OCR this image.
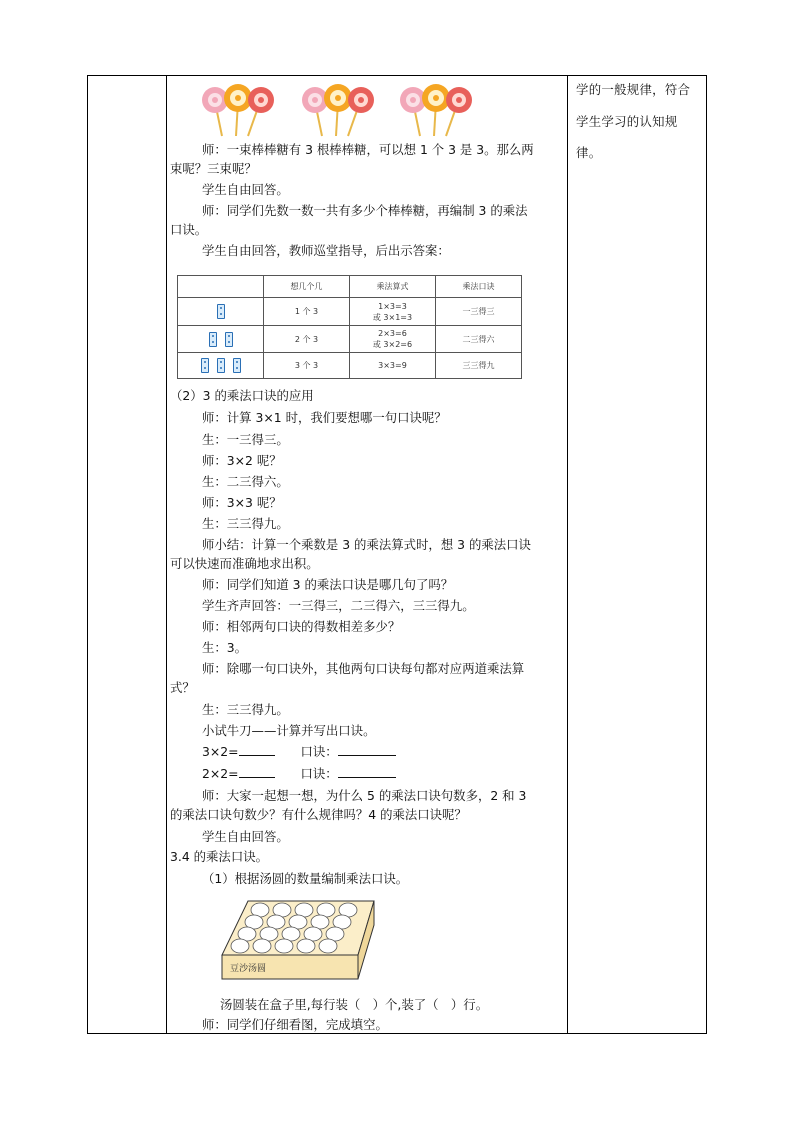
师：一束棒棒糖有 3 根棒棒糖，可以想 1 个 3 是 3。那么两
束呢？三束呢？
学生自由回答。
师：同学们先数一数一共有多少个棒棒糖，再编制 3 的乘法
口诀。
学生自由回答，教师巡堂指导，后出示答案：
	想几个几	乘法算式	乘法口诀
	1 个 3	1×3=3
或 3×1=3	一三得三
	2 个 3	2×3=6
或 3×2=6	二三得六
	3 个 3	3×3=9	三三得九
（2）3 的乘法口诀的应用
师：计算 3×1 时，我们要想哪一句口诀呢？
生：一三得三。
师：3×2 呢？
生：二三得六。
师：3×3 呢？
生：三三得九。
师小结：计算一个乘数是 3 的乘法算式时，想 3 的乘法口诀
可以快速而准确地求出积。
师：同学们知道 3 的乘法口诀是哪几句了吗？
学生齐声回答：一三得三，二三得六，三三得九。
师：相邻两句口诀的得数相差多少？
生：3。
师：除哪一句口诀外，其他两句口诀每句都对应两道乘法算
式？
生：三三得九。
小试牛刀——计算并写出口诀。
3×2=	口诀：
2×2=	口诀：
师：大家一起想一想，为什么 5 的乘法口诀句数多，2 和 3
的乘法口诀句数少？有什么规律吗？4 的乘法口诀呢？
学生自由回答。
3.4 的乘法口诀。
（1）根据汤圆的数量编制乘法口诀。
豆沙汤圆
汤圆装在盒子里,每行装（　）个,装了（　）行。
师：同学们仔细看图，完成填空。
学的一般规律，符合
学生学习的认知规
律。
